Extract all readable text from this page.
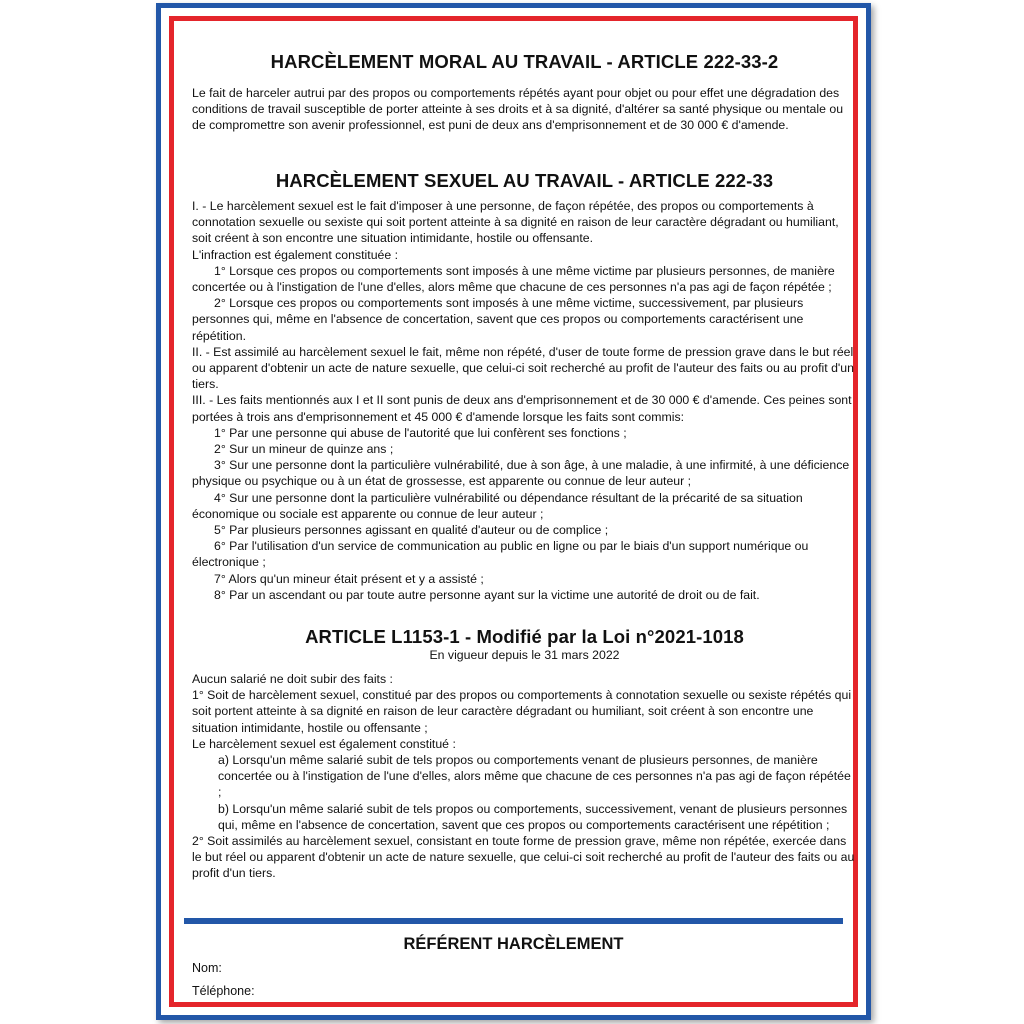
HARCÈLEMENT MORAL AU TRAVAIL - ARTICLE 222-33-2

Le fait de harceler autrui par des propos ou comportements répétés ayant pour objet ou pour effet une dégradation des conditions de travail susceptible de porter atteinte à ses droits et à sa dignité, d'altérer sa santé physique ou mentale ou de compromettre son avenir professionnel, est puni de deux ans d'emprisonnement et de 30 000 € d'amende.

HARCÈLEMENT SEXUEL AU TRAVAIL - ARTICLE 222-33

I. - Le harcèlement sexuel est le fait d'imposer à une personne, de façon répétée, des propos ou comportements à connotation sexuelle ou sexiste qui soit portent atteinte à sa dignité en raison de leur caractère dégradant ou humiliant, soit créent à son encontre une situation intimidante, hostile ou offensante.

L'infraction est également constituée :

1° Lorsque ces propos ou comportements sont imposés à une même victime par plusieurs personnes, de manière concertée ou à l'instigation de l'une d'elles, alors même que chacune de ces personnes n'a pas agi de façon répétée ;

2° Lorsque ces propos ou comportements sont imposés à une même victime, successivement, par plusieurs personnes qui, même en l'absence de concertation, savent que ces propos ou comportements caractérisent une répétition.

II. - Est assimilé au harcèlement sexuel le fait, même non répété, d'user de toute forme de pression grave dans le but réel ou apparent d'obtenir un acte de nature sexuelle, que celui-ci soit recherché au profit de l'auteur des faits ou au profit d'un tiers.

III. - Les faits mentionnés aux I et II sont punis de deux ans d'emprisonnement et de 30 000 € d'amende. Ces peines sont portées à trois ans d'emprisonnement et 45 000 € d'amende lorsque les faits sont commis:

1° Par une personne qui abuse de l'autorité que lui confèrent ses fonctions ;

2° Sur un mineur de quinze ans ;

3° Sur une personne dont la particulière vulnérabilité, due à son âge, à une maladie, à une infirmité, à une déficience physique ou psychique ou à un état de grossesse, est apparente ou connue de leur auteur ;

4° Sur une personne dont la particulière vulnérabilité ou dépendance résultant de la précarité de sa situation économique ou sociale est apparente ou connue de leur auteur ;

5° Par plusieurs personnes agissant en qualité d'auteur ou de complice ;

6° Par l'utilisation d'un service de communication au public en ligne ou par le biais d'un support numérique ou électronique ;

7° Alors qu'un mineur était présent et y a assisté ;

8° Par un ascendant ou par toute autre personne ayant sur la victime une autorité de droit ou de fait.

ARTICLE L1153-1 - Modifié par la Loi n°2021-1018

En vigueur depuis le 31 mars 2022

Aucun salarié ne doit subir des faits :

1° Soit de harcèlement sexuel, constitué par des propos ou comportements à connotation sexuelle ou sexiste répétés qui soit portent atteinte à sa dignité en raison de leur caractère dégradant ou humiliant, soit créent à son encontre une situation intimidante, hostile ou offensante ;

Le harcèlement sexuel est également constitué :

a) Lorsqu'un même salarié subit de tels propos ou comportements venant de plusieurs personnes, de manière concertée ou à l'instigation de l'une d'elles, alors même que chacune de ces personnes n'a pas agi de façon répétée ;

b) Lorsqu'un même salarié subit de tels propos ou comportements, successivement, venant de plusieurs personnes qui, même en l'absence de concertation, savent que ces propos ou comportements caractérisent une répétition ;

2° Soit assimilés au harcèlement sexuel, consistant en toute forme de pression grave, même non répétée, exercée dans le but réel ou apparent d'obtenir un acte de nature sexuelle, que celui-ci soit recherché au profit de l'auteur des faits ou au profit d'un tiers.

RÉFÉRENT HARCÈLEMENT
Nom:
Téléphone:
